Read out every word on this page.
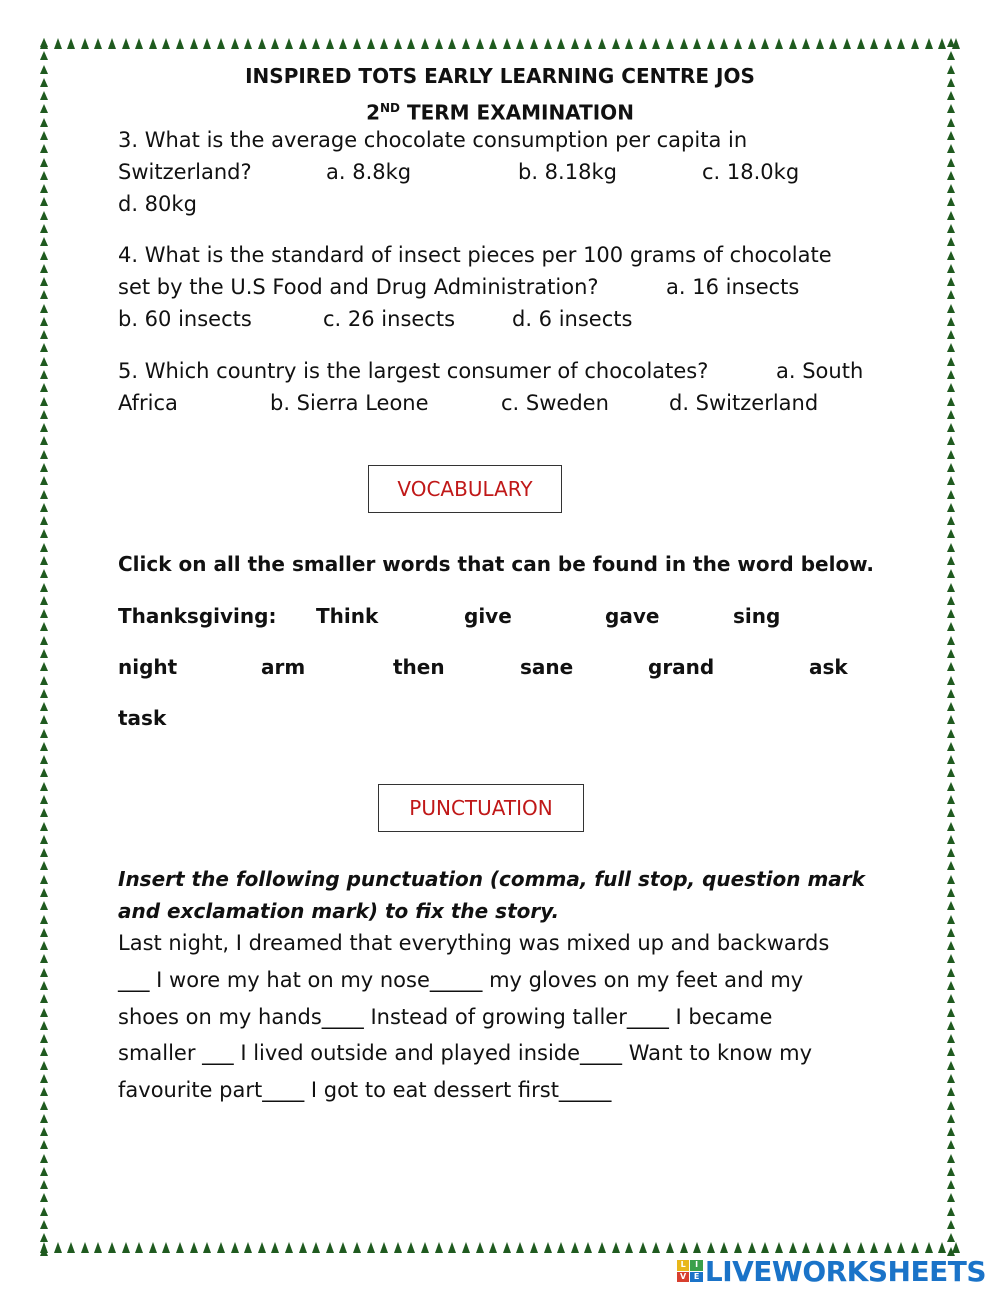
INSPIRED TOTS EARLY LEARNING CENTRE JOS

2ND TERM EXAMINATION

3. What is the average chocolate consumption per capita in

Switzerland?	a. 8.8kg	b. 8.18kg	c. 18.0kg
d. 80kg

4. What is the standard of insect pieces per 100 grams of chocolate

set by the U.S Food and Drug Administration?	a. 16 insects
b. 60 insects	c. 26 insects	d. 6 insects
5. Which country is the largest consumer of chocolates?	a. South
Africa	b. Sierra Leone	c. Sweden	d. Switzerland
VOCABULARY
Click on all the smaller words that can be found in the word below.
Thanksgiving: Think	give	gave	sing
night	arm	then	sane	grand	ask
task
PUNCTUATION
Insert the following punctuation (comma, full stop, question mark
and exclamation mark) to fix the story.

Last night, I dreamed that everything was mixed up and backwards

___ I wore my hat on my nose_____ my gloves on my feet and my

shoes on my hands____ Instead of growing taller____ I became

smaller ___ I lived outside and played inside____ Want to know my

favourite part____ I got to eat dessert first_____

L	I
V E LIVEWORKSHEETS
